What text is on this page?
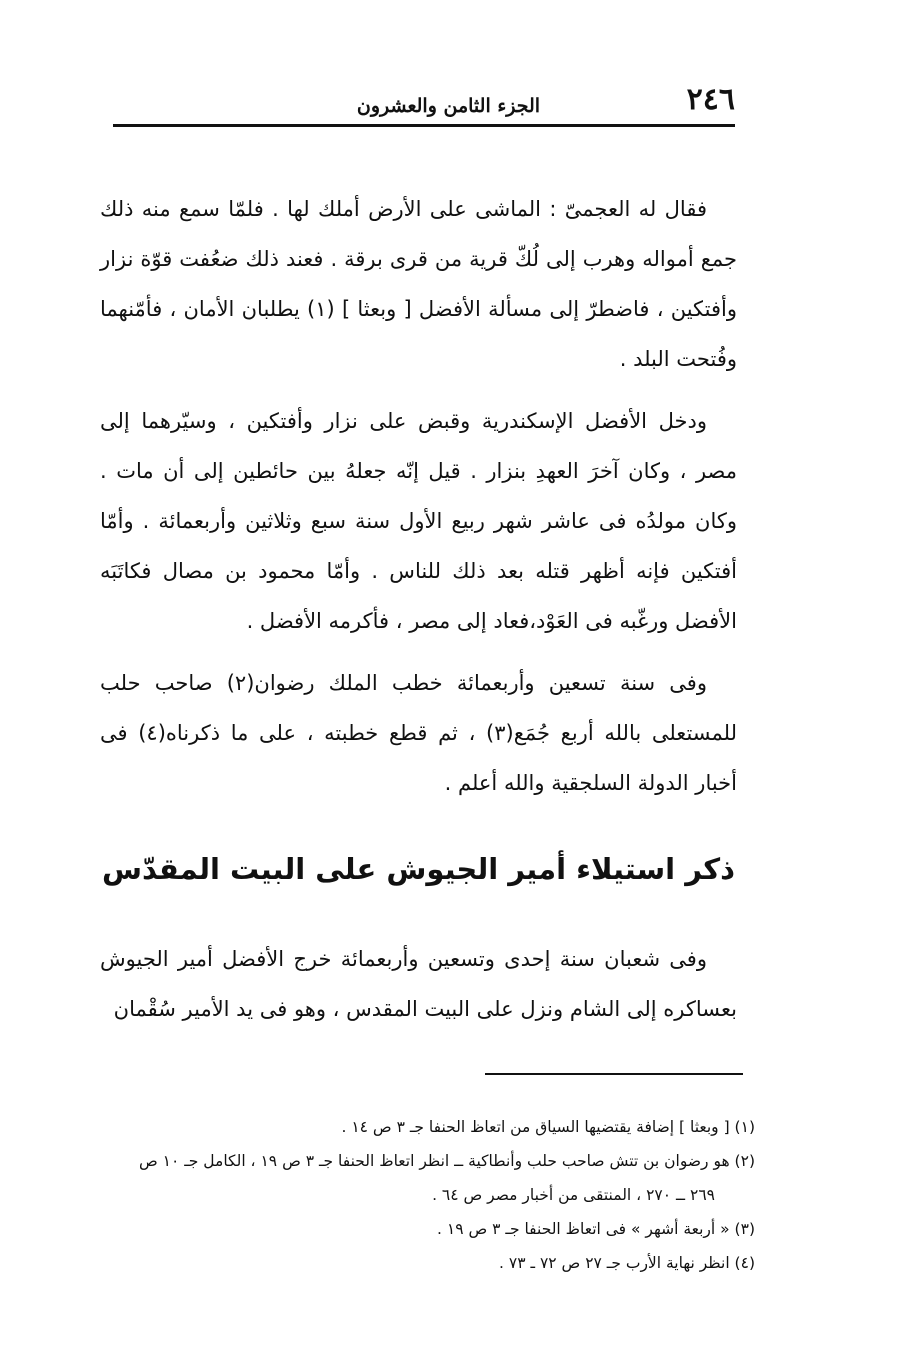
٢٤٦
الجزء الثامن والعشرون

فقال له العجمىّ : الماشى على الأرض أملك لها . فلمّا سمع منه ذلك جمع أمواله وهرب إلى لُكّ قرية من قرى برقة . فعند ذلك ضعُفت قوّة نزار وأفتكين ، فاضطرّ إلى مسألة الأفضل [ وبعثا ] (١) يطلبان الأمان ، فأمّنهما وفُتحت البلد .

ودخل الأفضل الإسكندرية وقبض على نزار وأفتكين ، وسيّرهما إلى مصر ، وكان آخرَ العهدِ بنزار . قيل إنّه جعلهُ بين حائطين إلى أن مات . وكان مولدُه فى عاشر شهر ربيع الأول سنة سبع وثلاثين وأربعمائة . وأمّا أفتكين فإنه أظهر قتله بعد ذلك للناس . وأمّا محمود بن مصال فكاتَبَه الأفضل ورغّبه فى العَوْد،فعاد إلى مصر ، فأكرمه الأفضل .

وفى سنة تسعين وأربعمائة خطب الملك رضوان(٢) صاحب حلب للمستعلى بالله أربع جُمَع(٣) ، ثم قطع خطبته ، على ما ذكرناه(٤) فى أخبار الدولة السلجقية والله أعلم .

ذكر استيلاء أمير الجيوش على البيت المقدّس

وفى شعبان سنة إحدى وتسعين وأربعمائة خرج الأفضل أمير الجيوش بعساكره إلى الشام ونزل على البيت المقدس ، وهو فى يد الأمير سُقْمان

(١) [ وبعثا ] إضافة يقتضيها السياق من اتعاظ الحنفا جـ ٣ ص ١٤ .
(٢) هو رضوان بن تتش صاحب حلب وأنطاكية ــ انظر اتعاظ الحنفا جـ ٣ ص ١٩ ، الكامل جـ ١٠ ص ٢٦٩ ــ ٢٧٠ ، المنتقى من أخبار مصر ص ٦٤ .
(٣) « أربعة أشهر » فى اتعاظ الحنفا جـ ٣ ص ١٩ .
(٤) انظر نهاية الأرب جـ ٢٧ ص ٧٢ ـ ٧٣ .
